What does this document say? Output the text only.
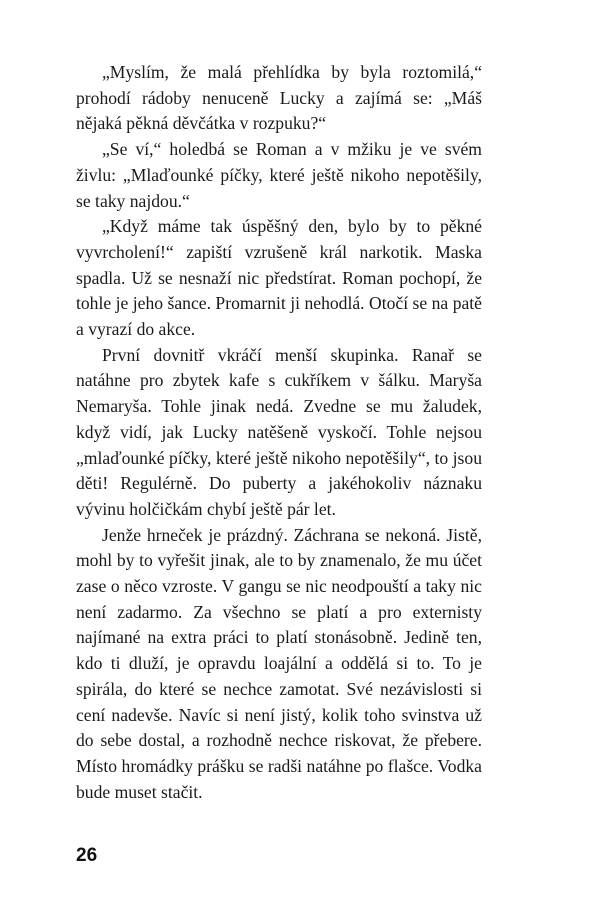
„Myslím, že malá přehlídka by byla roztomilá,“ prohodí rádoby nenuceně Lucky a zajímá se: „Máš nějaká pěkná děvčátka v rozpuku?“

„Se ví,“ holedbá se Roman a v mžiku je ve svém živlu: „Mlaďounké píčky, které ještě nikoho nepotěšily, se taky najdou.“

„Když máme tak úspěšný den, bylo by to pěkné vyvrcholení!“ zapiští vzrušeně král narkotik. Maska spadla. Už se nesnaží nic předstírat. Roman pochopí, že tohle je jeho šance. Promarnit ji nehodlá. Otočí se na patě a vyrazí do akce.

První dovnitř vkráčí menší skupinka. Ranař se natáhne pro zbytek kafe s cukříkem v šálku. Maryša Nemaryša. Tohle jinak nedá. Zvedne se mu žaludek, když vidí, jak Lucky natěšeně vyskočí. Tohle nejsou „mlaďounké píčky, které ještě nikoho nepotěšily“, to jsou děti! Regulérně. Do puberty a jakéhokoliv náznaku vývinu holčičkám chybí ještě pár let.

Jenže hrneček je prázdný. Záchrana se nekoná. Jistě, mohl by to vyřešit jinak, ale to by znamenalo, že mu účet zase o něco vzroste. V gangu se nic neodpouští a taky nic není zadarmo. Za všechno se platí a pro externisty najímané na extra práci to platí stonásobně. Jedině ten, kdo ti dluží, je opravdu loajální a oddělá si to. To je spirála, do které se nechce zamotat. Své nezávislosti si cení nadevše. Navíc si není jistý, kolik toho svinstva už do sebe dostal, a rozhodně nechce riskovat, že přebere. Místo hromádky prášku se radši natáhne po flašce. Vodka bude muset stačit.

26
